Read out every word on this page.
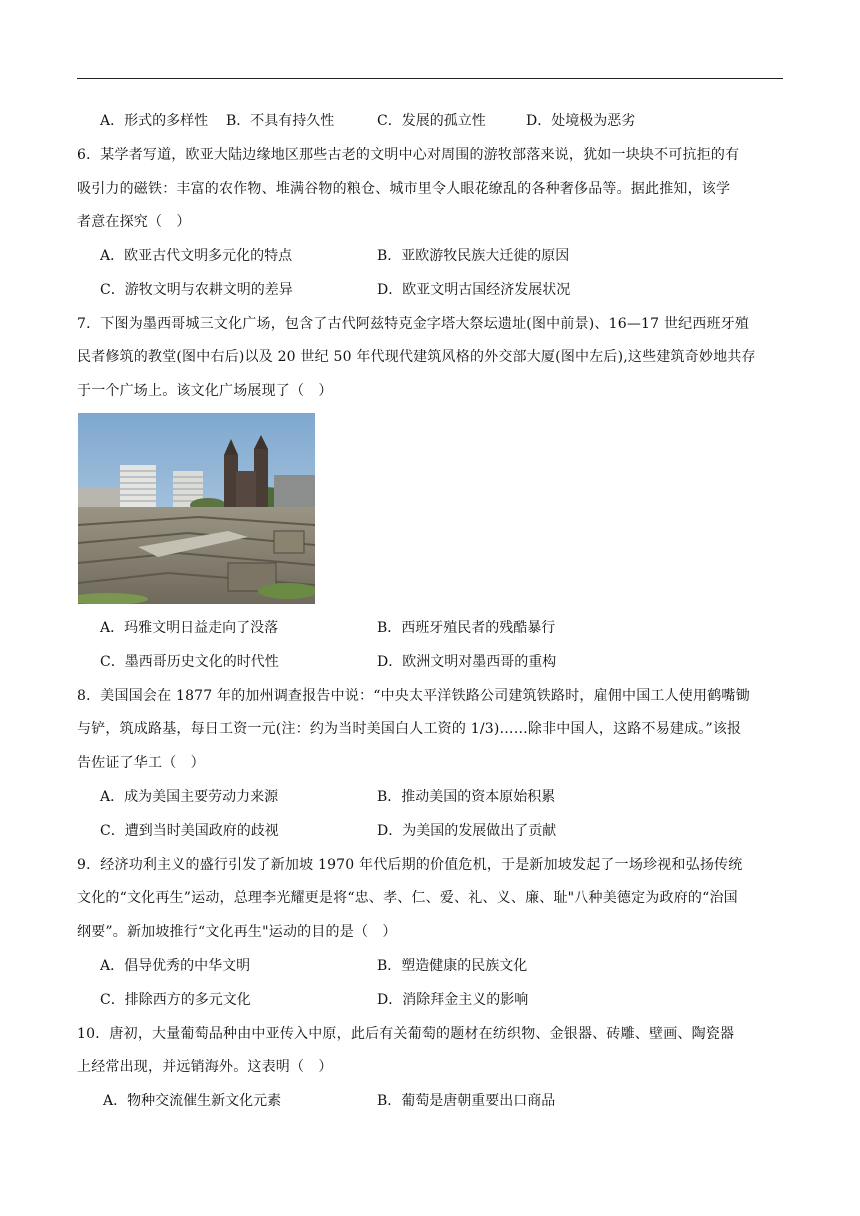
A．形式的多样性 B．不具有持久性	C．发展的孤立性	D．处境极为恶劣
6．某学者写道，欧亚大陆边缘地区那些古老的文明中心对周围的游牧部落来说，犹如一块块不可抗拒的有
吸引力的磁铁：丰富的农作物、堆满谷物的粮仓、城市里令人眼花缭乱的各种奢侈品等。据此推知，该学
者意在探究（　）
A．欧亚古代文明多元化的特点	B．亚欧游牧民族大迁徙的原因
C．游牧文明与农耕文明的差异	D．欧亚文明古国经济发展状况
7．下图为墨西哥城三文化广场，包含了古代阿兹特克金字塔大祭坛遗址(图中前景)、16—17 世纪西班牙殖
民者修筑的教堂(图中右后)以及 20 世纪 50 年代现代建筑风格的外交部大厦(图中左后),这些建筑奇妙地共存
于一个广场上。该文化广场展现了（　）
A．玛雅文明日益走向了没落	B．西班牙殖民者的残酷暴行
C．墨西哥历史文化的时代性	D．欧洲文明对墨西哥的重构
8．美国国会在 1877 年的加州调查报告中说：“中央太平洋铁路公司建筑铁路时，雇佣中国工人使用鹤嘴锄
与铲，筑成路基，每日工资一元(注：约为当时美国白人工资的 1/3)……除非中国人，这路不易建成。”该报
告佐证了华工（　）
A．成为美国主要劳动力来源	B．推动美国的资本原始积累
C．遭到当时美国政府的歧视	D．为美国的发展做出了贡献
9．经济功利主义的盛行引发了新加坡 1970 年代后期的价值危机，于是新加坡发起了一场珍视和弘扬传统
文化的“文化再生”运动，总理李光耀更是将“忠、孝、仁、爱、礼、义、廉、耻"八种美德定为政府的“治国
纲要”。新加坡推行“文化再生"运动的目的是（　）
A．倡导优秀的中华文明	B．塑造健康的民族文化
C．排除西方的多元文化	D．消除拜金主义的影响
10．唐初，大量葡萄品种由中亚传入中原，此后有关葡萄的题材在纺织物、金银器、砖雕、壁画、陶瓷器
上经常出现，并远销海外。这表明（　）
A．物种交流催生新文化元素	B．葡萄是唐朝重要出口商品
